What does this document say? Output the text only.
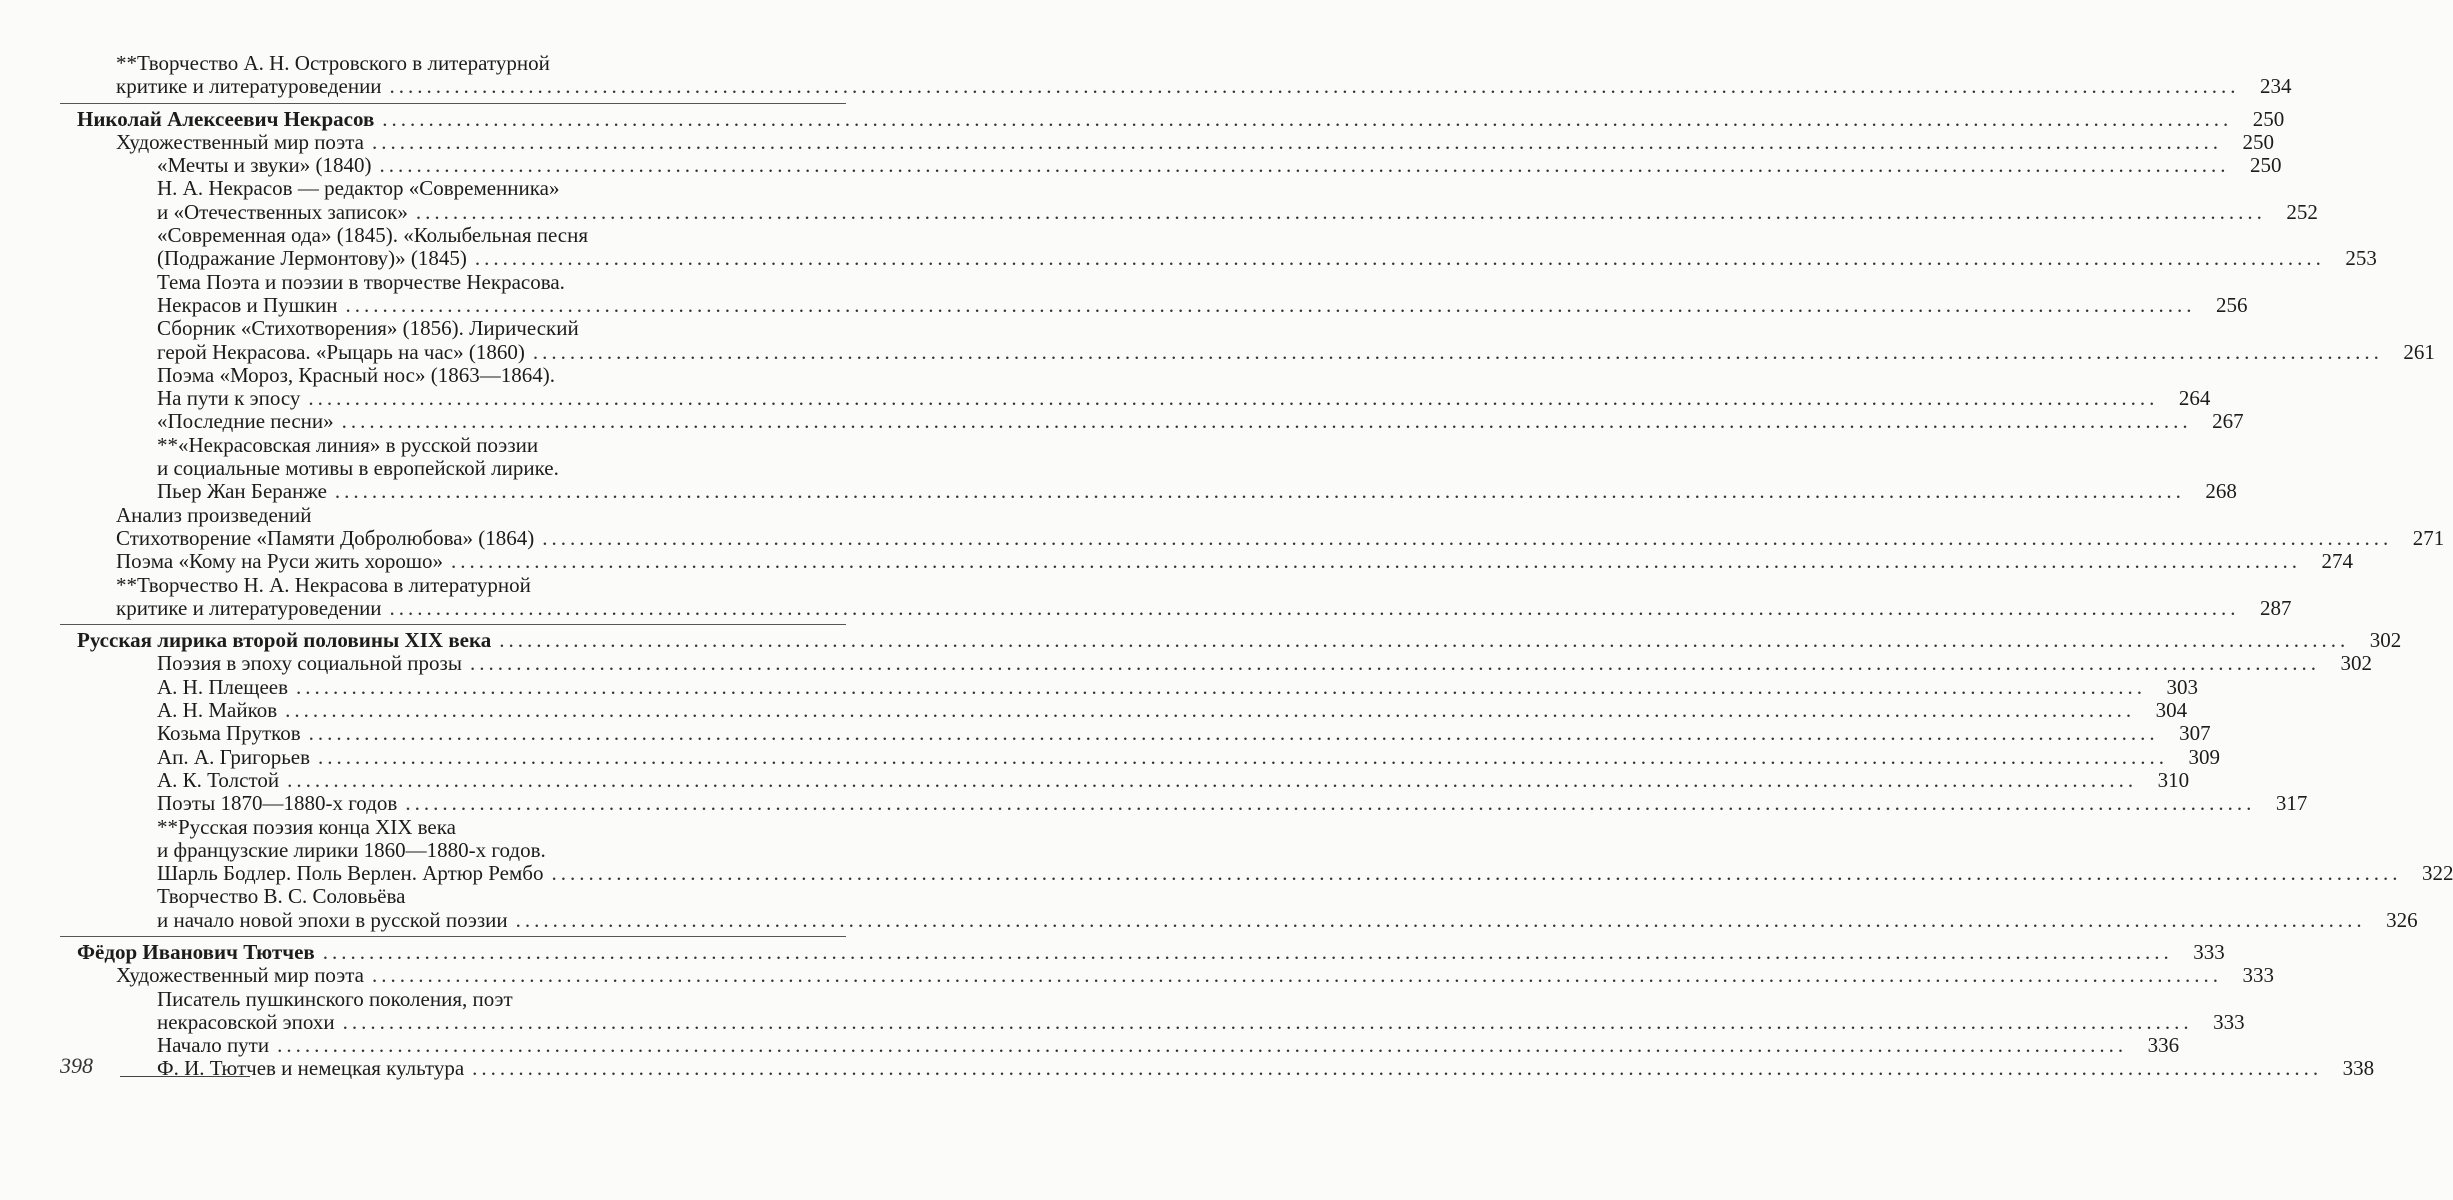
**Творчество А. Н. Островского в литературной
критике и литературоведении ........................................................................................................................................................................................................ 234
Николай Алексеевич Некрасов ........................................................................................................................................................................................................ 250
Художественный мир поэта ........................................................................................................................................................................................................ 250
«Мечты и звуки» (1840) ........................................................................................................................................................................................................ 250
Н. А. Некрасов — редактор «Современника»
и «Отечественных записок» ........................................................................................................................................................................................................ 252
«Современная ода» (1845). «Колыбельная песня
(Подражание Лермонтову)» (1845) ........................................................................................................................................................................................................ 253
Тема Поэта и поэзии в творчестве Некрасова.
Некрасов и Пушкин ........................................................................................................................................................................................................ 256
Сборник «Стихотворения» (1856). Лирический
герой Некрасова. «Рыцарь на час» (1860) ........................................................................................................................................................................................................ 261
Поэма «Мороз, Красный нос» (1863—1864).
На пути к эпосу ........................................................................................................................................................................................................ 264
«Последние песни» ........................................................................................................................................................................................................ 267
**«Некрасовская линия» в русской поэзии
и социальные мотивы в европейской лирике.
Пьер Жан Беранже ........................................................................................................................................................................................................ 268
Анализ произведений
Стихотворение «Памяти Добролюбова» (1864) ........................................................................................................................................................................................................ 271
Поэма «Кому на Руси жить хорошо» ........................................................................................................................................................................................................ 274
**Творчество Н. А. Некрасова в литературной
критике и литературоведении ........................................................................................................................................................................................................ 287
Русская лирика второй половины XIX века ........................................................................................................................................................................................................ 302
Поэзия в эпоху социальной прозы ........................................................................................................................................................................................................ 302
А. Н. Плещеев ........................................................................................................................................................................................................ 303
А. Н. Майков ........................................................................................................................................................................................................ 304
Козьма Прутков ........................................................................................................................................................................................................ 307
Ап. А. Григорьев ........................................................................................................................................................................................................ 309
А. К. Толстой ........................................................................................................................................................................................................ 310
Поэты 1870—1880-х годов ........................................................................................................................................................................................................ 317
**Русская поэзия конца XIX века
и французские лирики 1860—1880-х годов.
Шарль Бодлер. Поль Верлен. Артюр Рембо ........................................................................................................................................................................................................ 322
Творчество В. С. Соловьёва
и начало новой эпохи в русской поэзии ........................................................................................................................................................................................................ 326
Фёдор Иванович Тютчев ........................................................................................................................................................................................................ 333
Художественный мир поэта ........................................................................................................................................................................................................ 333
Писатель пушкинского поколения, поэт
некрасовской эпохи ........................................................................................................................................................................................................ 333
Начало пути ........................................................................................................................................................................................................ 336
Ф. И. Тютчев и немецкая культура ........................................................................................................................................................................................................ 338
398
